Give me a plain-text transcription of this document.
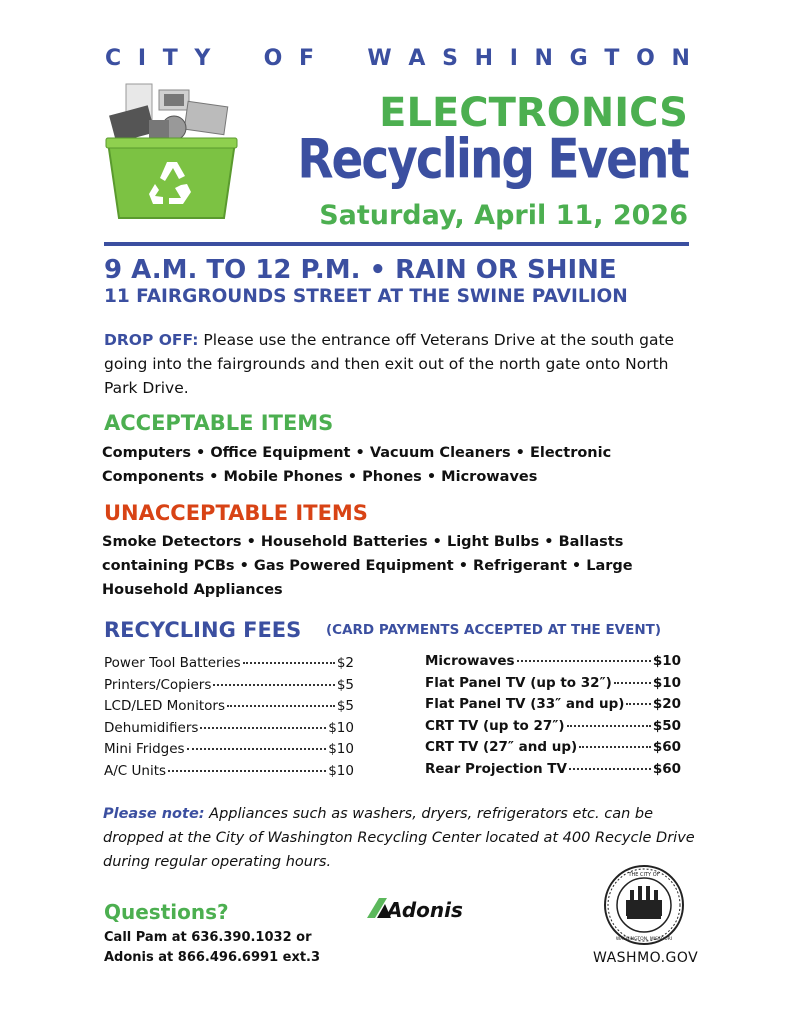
C I T Y O F W A S H I N G T O N
ELECTRONICS
Recycling Event
Saturday, April 11, 2026
9 A.M. TO 12 P.M. • RAIN OR SHINE
11 FAIRGROUNDS STREET AT THE SWINE PAVILION
DROP OFF: Please use the entrance off Veterans Drive at the south gate going into the fairgrounds and then exit out of the north gate onto North Park Drive.
ACCEPTABLE ITEMS
Computers • Office Equipment • Vacuum Cleaners • Electronic Components • Mobile Phones • Phones • Microwaves
UNACCEPTABLE ITEMS
Smoke Detectors • Household Batteries • Light Bulbs • Ballasts containing PCBs • Gas Powered Equipment • Refrigerant • Large Household Appliances
RECYCLING FEES (CARD PAYMENTS ACCEPTED AT THE EVENT)
Power Tool Batteries	$2
Printers/Copiers	$5
LCD/LED Monitors	$5
Dehumidifiers	$10
Mini Fridges	$10
A/C Units	$10
Microwaves	$10
Flat Panel TV (up to 32″)	$10
Flat Panel TV (33″ and up) $20
CRT TV (up to 27″)	$50
CRT TV (27″ and up)	$60
Rear Projection TV	$60
Please note: Appliances such as washers, dryers, refrigerators etc. can be dropped at the City of Washington Recycling Center located at 400 Recycle Drive during regular operating hours.
Questions?
Call Pam at 636.390.1032 or
Adonis at 866.496.6991 ext.3
Adonis
THE CITY OF
WASHINGTON, MISSOURI
WASHMO.GOV
